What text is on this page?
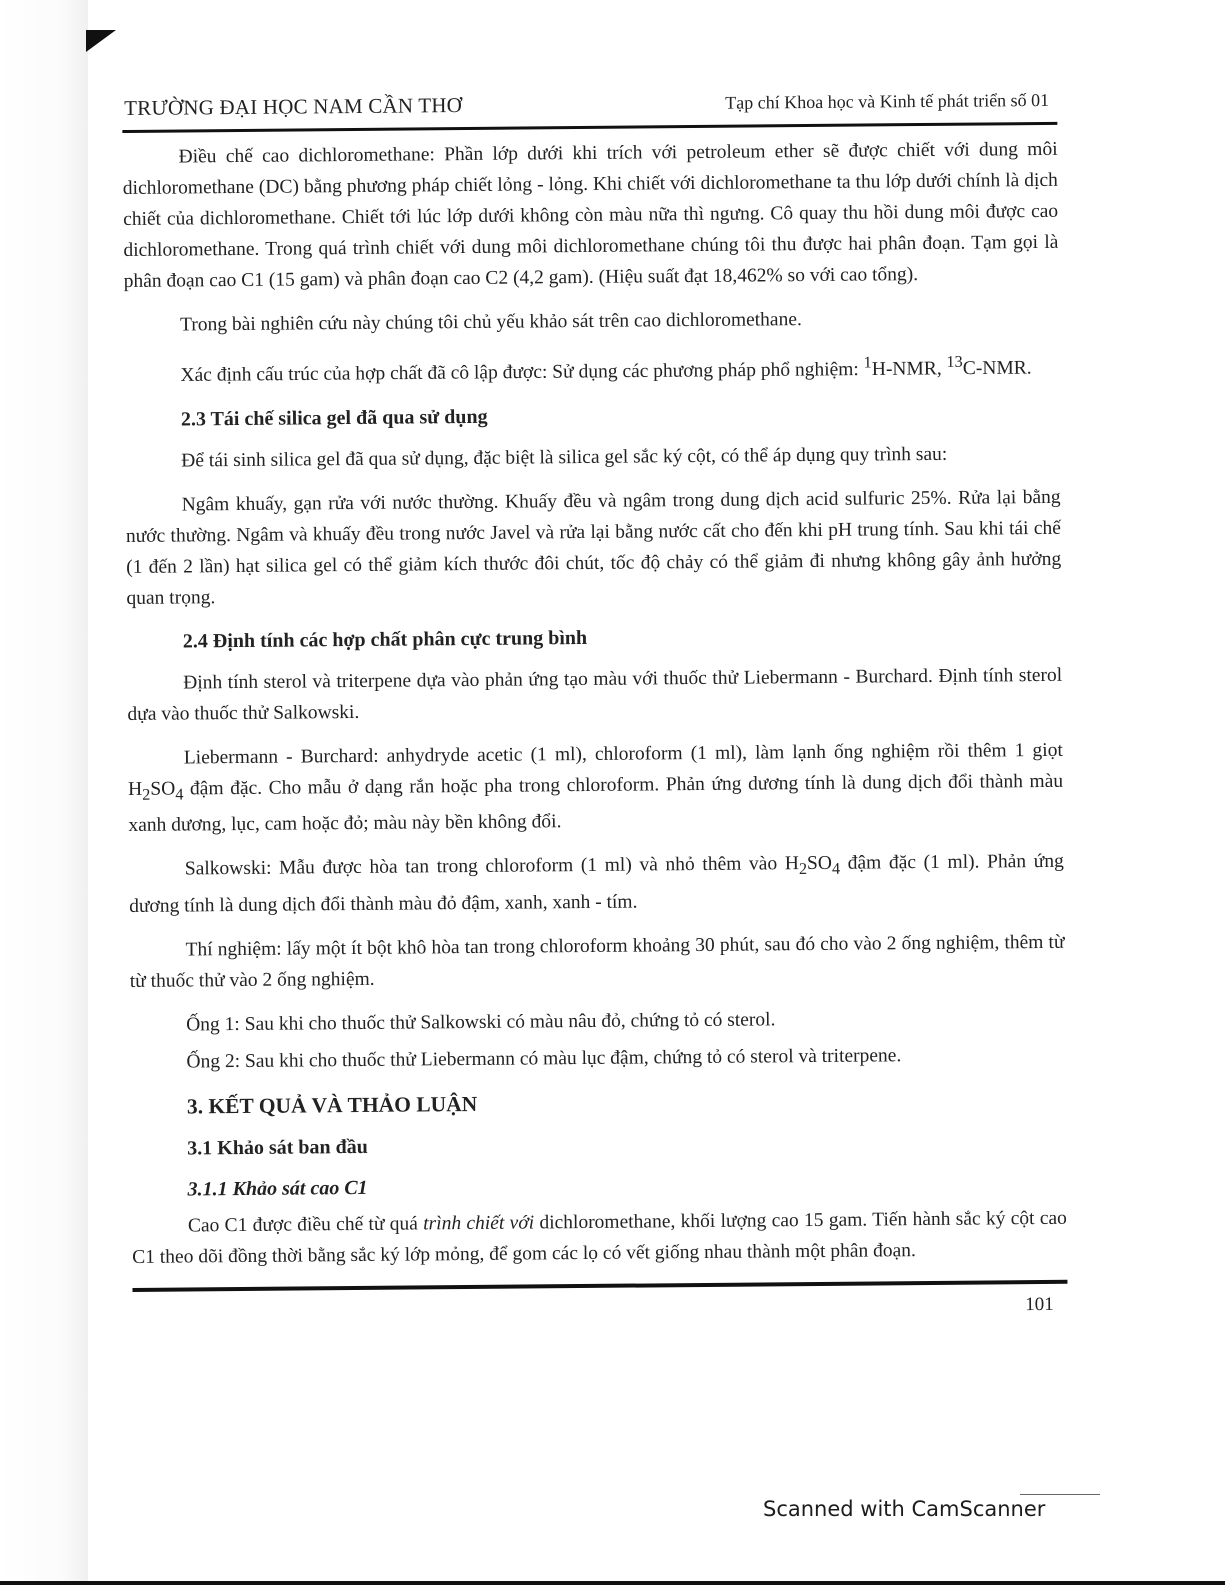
TRƯỜNG ĐẠI HỌC NAM CẦN THƠ	Tạp chí Khoa học và Kinh tế phát triển số 01

Điều chế cao dichloromethane: Phần lớp dưới khi trích với petroleum ether sẽ được chiết với dung môi dichloromethane (DC) bằng phương pháp chiết lỏng - lỏng. Khi chiết với dichloromethane ta thu lớp dưới chính là dịch chiết của dichloromethane. Chiết tới lúc lớp dưới không còn màu nữa thì ngưng. Cô quay thu hồi dung môi được cao dichloromethane. Trong quá trình chiết với dung môi dichloromethane chúng tôi thu được hai phân đoạn. Tạm gọi là phân đoạn cao C1 (15 gam) và phân đoạn cao C2 (4,2 gam). (Hiệu suất đạt 18,462% so với cao tổng).

Trong bài nghiên cứu này chúng tôi chủ yếu khảo sát trên cao dichloromethane.

Xác định cấu trúc của hợp chất đã cô lập được: Sử dụng các phương pháp phổ nghiệm: $^1$H-NMR, $^{13}$C-NMR.

2.3 Tái chế silica gel đã qua sử dụng

Để tái sinh silica gel đã qua sử dụng, đặc biệt là silica gel sắc ký cột, có thể áp dụng quy trình sau:

Ngâm khuấy, gạn rửa với nước thường. Khuấy đều và ngâm trong dung dịch acid sulfuric 25%. Rửa lại bằng nước thường. Ngâm và khuấy đều trong nước Javel và rửa lại bằng nước cất cho đến khi pH trung tính. Sau khi tái chế (1 đến 2 lần) hạt silica gel có thể giảm kích thước đôi chút, tốc độ chảy có thể giảm đi nhưng không gây ảnh hưởng quan trọng.

2.4 Định tính các hợp chất phân cực trung bình

Định tính sterol và triterpene dựa vào phản ứng tạo màu với thuốc thử Liebermann - Burchard. Định tính sterol dựa vào thuốc thử Salkowski.

Liebermann - Burchard: anhydryde acetic (1 ml), chloroform (1 ml), làm lạnh ống nghiệm rồi thêm 1 giọt $H_2SO_4$ đậm đặc. Cho mẫu ở dạng rắn hoặc pha trong chloroform. Phản ứng dương tính là dung dịch đổi thành màu xanh dương, lục, cam hoặc đỏ; màu này bền không đổi.

Salkowski: Mẫu được hòa tan trong chloroform (1 ml) và nhỏ thêm vào $H_2SO_4$ đậm đặc (1 ml). Phản ứng dương tính là dung dịch đổi thành màu đỏ đậm, xanh, xanh - tím.

Thí nghiệm: lấy một ít bột khô hòa tan trong chloroform khoảng 30 phút, sau đó cho vào 2 ống nghiệm, thêm từ từ thuốc thử vào 2 ống nghiệm.

Ống 1: Sau khi cho thuốc thử Salkowski có màu nâu đỏ, chứng tỏ có sterol.

Ống 2: Sau khi cho thuốc thử Liebermann có màu lục đậm, chứng tỏ có sterol và triterpene.

3. KẾT QUẢ VÀ THẢO LUẬN
3.1 Khảo sát ban đầu
3.1.1 Khảo sát cao C1

Cao C1 được điều chế từ quá trình chiết với dichloromethane, khối lượng cao 15 gam. Tiến hành sắc ký cột cao C1 theo dõi đồng thời bằng sắc ký lớp mỏng, để gom các lọ có vết giống nhau thành một phân đoạn.

101
Scanned with CamScanner
